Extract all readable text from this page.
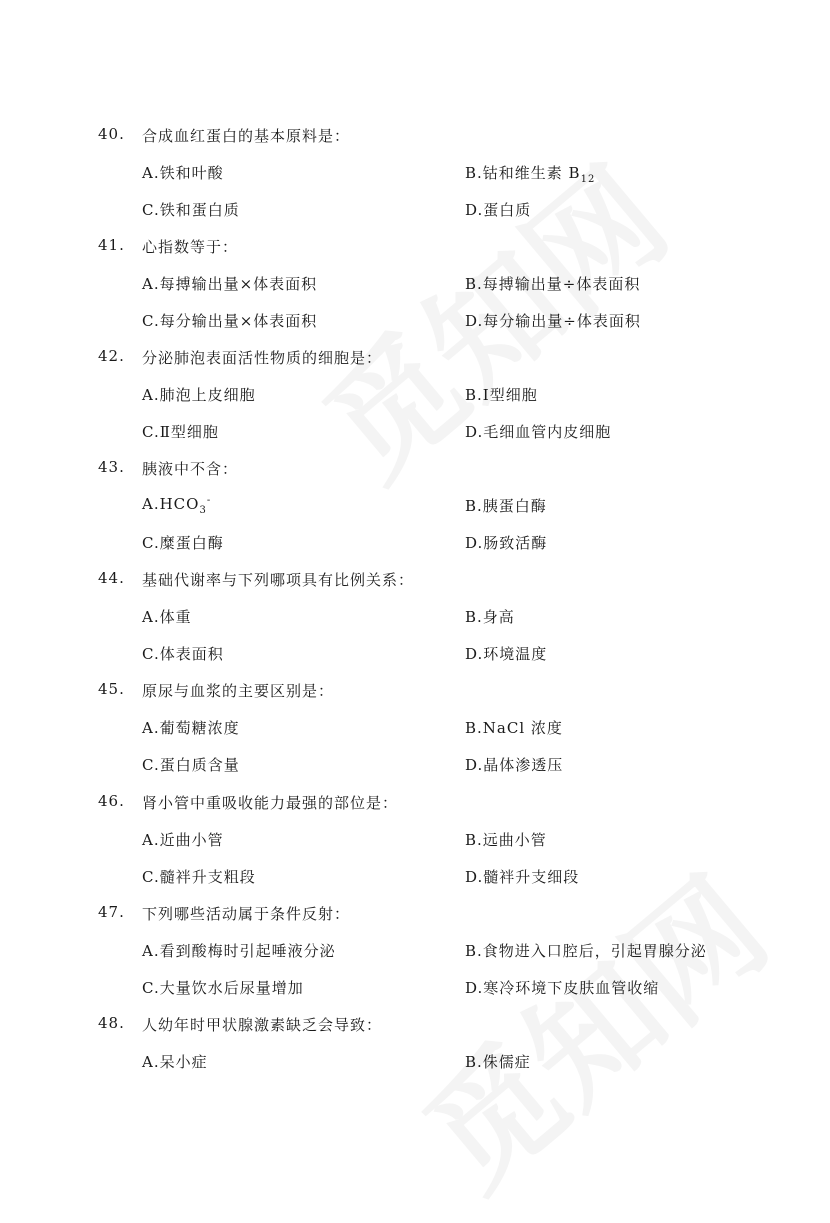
40. 合成血红蛋白的基本原料是：
A.铁和叶酸	B.钴和维生素 $B_{12}$
C.铁和蛋白质	D.蛋白质
41. 心指数等于：
A.每搏输出量×体表面积	B.每搏输出量÷体表面积
C.每分输出量×体表面积	D.每分输出量÷体表面积
42. 分泌肺泡表面活性物质的细胞是：
A.肺泡上皮细胞	B.Ⅰ型细胞
C.Ⅱ型细胞	D.毛细血管内皮细胞
43. 胰液中不含：
$A.HCO_3^-$	B.胰蛋白酶
C.糜蛋白酶	D.肠致活酶
44. 基础代谢率与下列哪项具有比例关系：
A.体重	B.身高
C.体表面积	D.环境温度
45. 原尿与血浆的主要区别是：
A.葡萄糖浓度	B.NaCl 浓度
C.蛋白质含量	D.晶体渗透压
46. 肾小管中重吸收能力最强的部位是：
A.近曲小管	B.远曲小管
C.髓袢升支粗段	D.髓袢升支细段
47. 下列哪些活动属于条件反射：
A.看到酸梅时引起唾液分泌	B.食物进入口腔后，引起胃腺分泌
C.大量饮水后尿量增加	D.寒冷环境下皮肤血管收缩
48. 人幼年时甲状腺激素缺乏会导致：
A.呆小症	B.侏儒症
